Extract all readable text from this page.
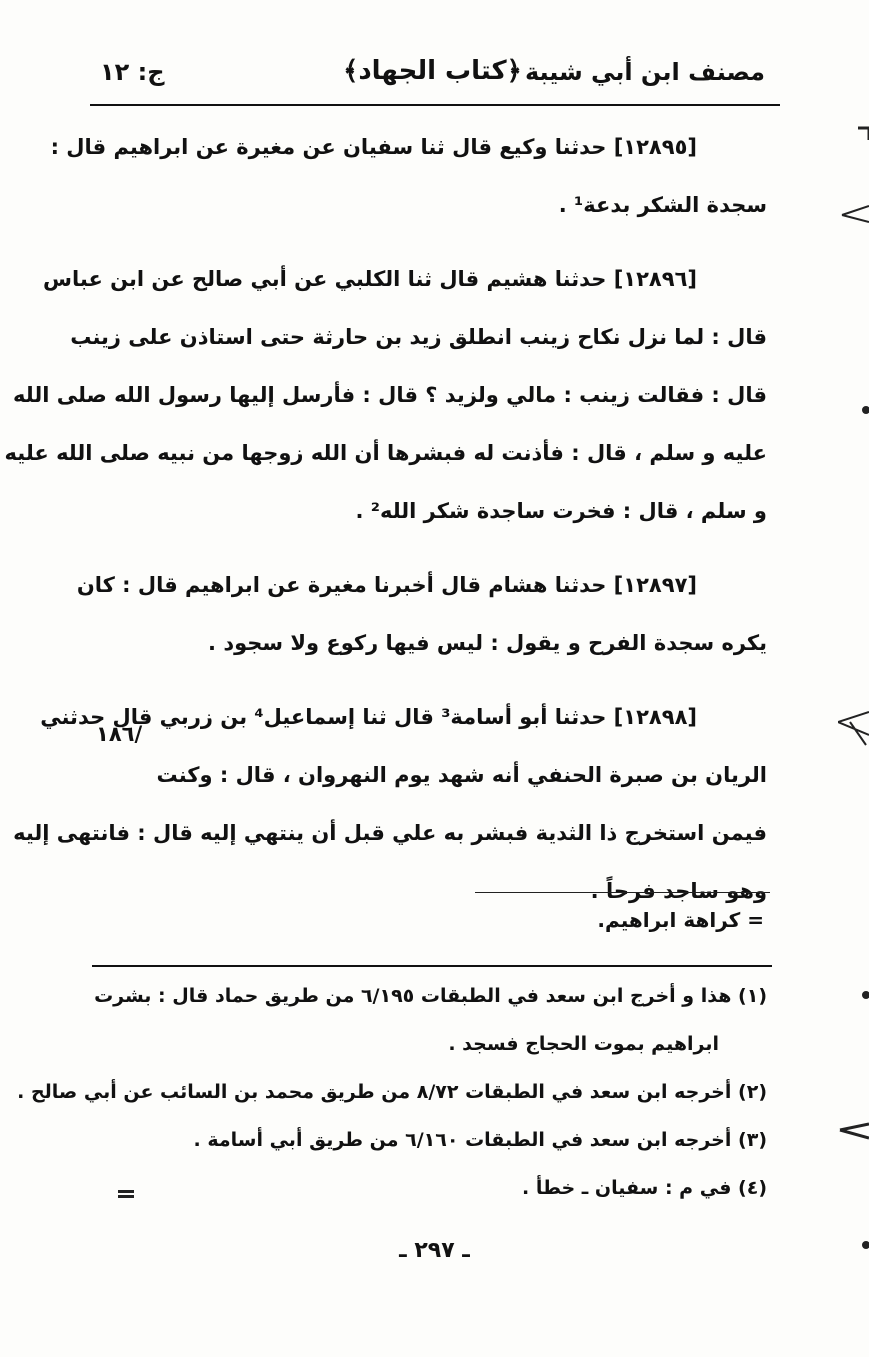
مصنف ابن أبي شيبة
﴿كتاب الجهاد﴾
ج: ١٢
[١٢٨٩٥] حدثنا وكيع قال ثنا سفيان عن مغيرة عن ابراهيم قال :
سجدة الشكر بدعة¹ .
[١٢٨٩٦] حدثنا هشيم قال ثنا الكلبي عن أبي صالح عن ابن عباس
قال : لما نزل نكاح زينب انطلق زيد بن حارثة حتى استاذن على زينب
قال : فقالت زينب : مالي ولزيد ؟ قال : فأرسل إليها رسول الله صلى الله
عليه و سلم ، قال : فأذنت له فبشرها أن الله زوجها من نبيه صلى الله عليه
و سلم ، قال : فخرت ساجدة شكر الله² .
[١٢٨٩٧] حدثنا هشام قال أخبرنا مغيرة عن ابراهيم قال : كان
يكره سجدة الفرح و يقول : ليس فيها ركوع ولا سجود .
[١٢٨٩٨] حدثنا أبو أسامة³ قال ثنا إسماعيل⁴ بن زربي قال حدثني
الريان بن صبرة الحنفي أنه شهد يوم النهروان ، قال : وكنت
فيمن استخرج ذا الثدية فبشر به علي قبل أن ينتهي إليه قال : فانتهى إليه
وهو ساجد فرحاً .
١٨٦/
= كراهة ابراهيم.

(١) هذا و أخرج ابن سعد في الطبقات ٦/١٩٥ من طريق حماد قال : بشرت

ابراهيم بموت الحجاج فسجد .

(٢) أخرجه ابن سعد في الطبقات ٨/٧٢ من طريق محمد بن السائب عن أبي صالح .

(٣) أخرجه ابن سعد في الطبقات ٦/١٦٠ من طريق أبي أسامة .

(٤) في م : سفيان ـ خطأ .

ـ ٢٩٧ ـ
